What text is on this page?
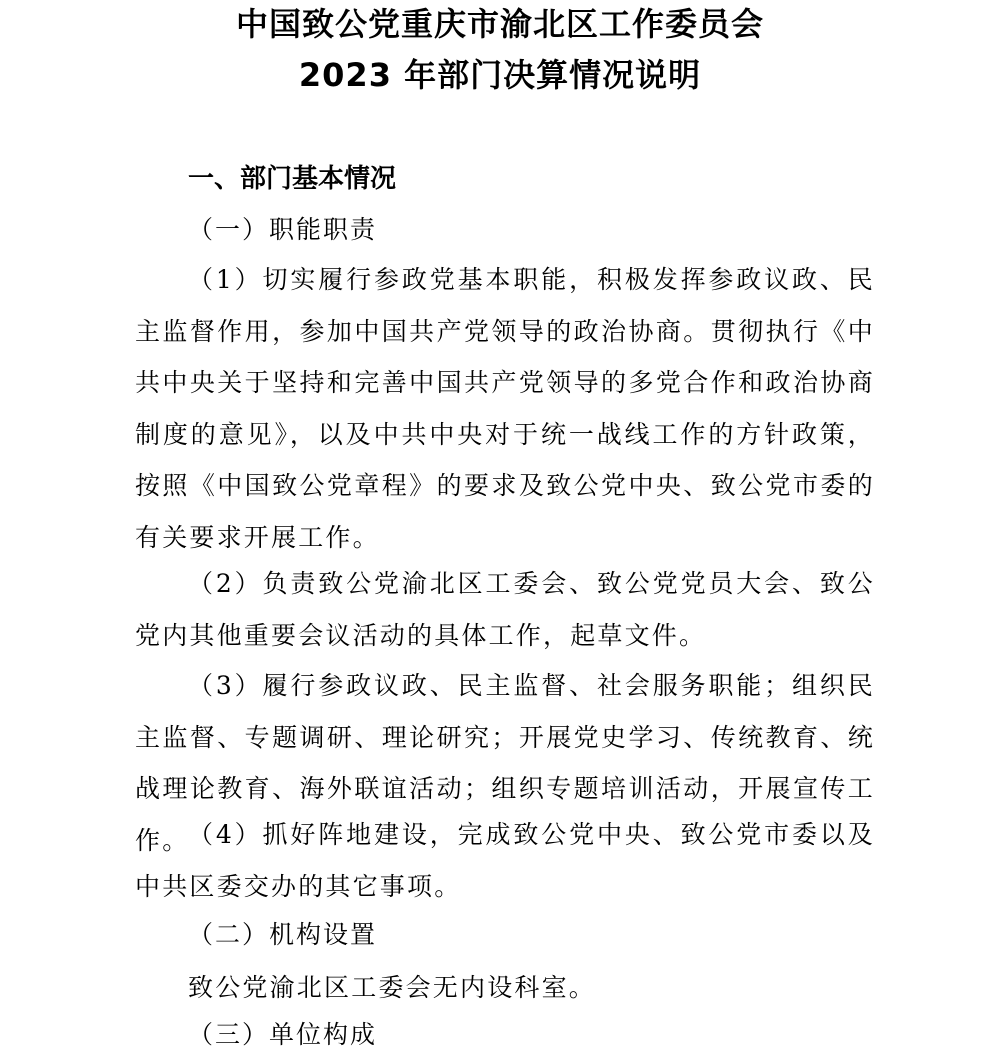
中国致公党重庆市渝北区工作委员会
2023 年部门决算情况说明
一、部门基本情况
（一）职能职责

（1）切实履行参政党基本职能，积极发挥参政议政、民主监督作用，参加中国共产党领导的政治协商。贯彻执行《中共中央关于坚持和完善中国共产党领导的多党合作和政治协商制度的意见》，以及中共中央对于统一战线工作的方针政策，按照《中国致公党章程》的要求及致公党中央、致公党市委的有关要求开展工作。

（2）负责致公党渝北区工委会、致公党党员大会、致公党内其他重要会议活动的具体工作，起草文件。

（3）履行参政议政、民主监督、社会服务职能；组织民主监督、专题调研、理论研究；开展党史学习、传统教育、统战理论教育、海外联谊活动；组织专题培训活动，开展宣传工作。

（4）抓好阵地建设，完成致公党中央、致公党市委以及中共区委交办的其它事项。

（二）机构设置

致公党渝北区工委会无内设科室。

（三）单位构成
